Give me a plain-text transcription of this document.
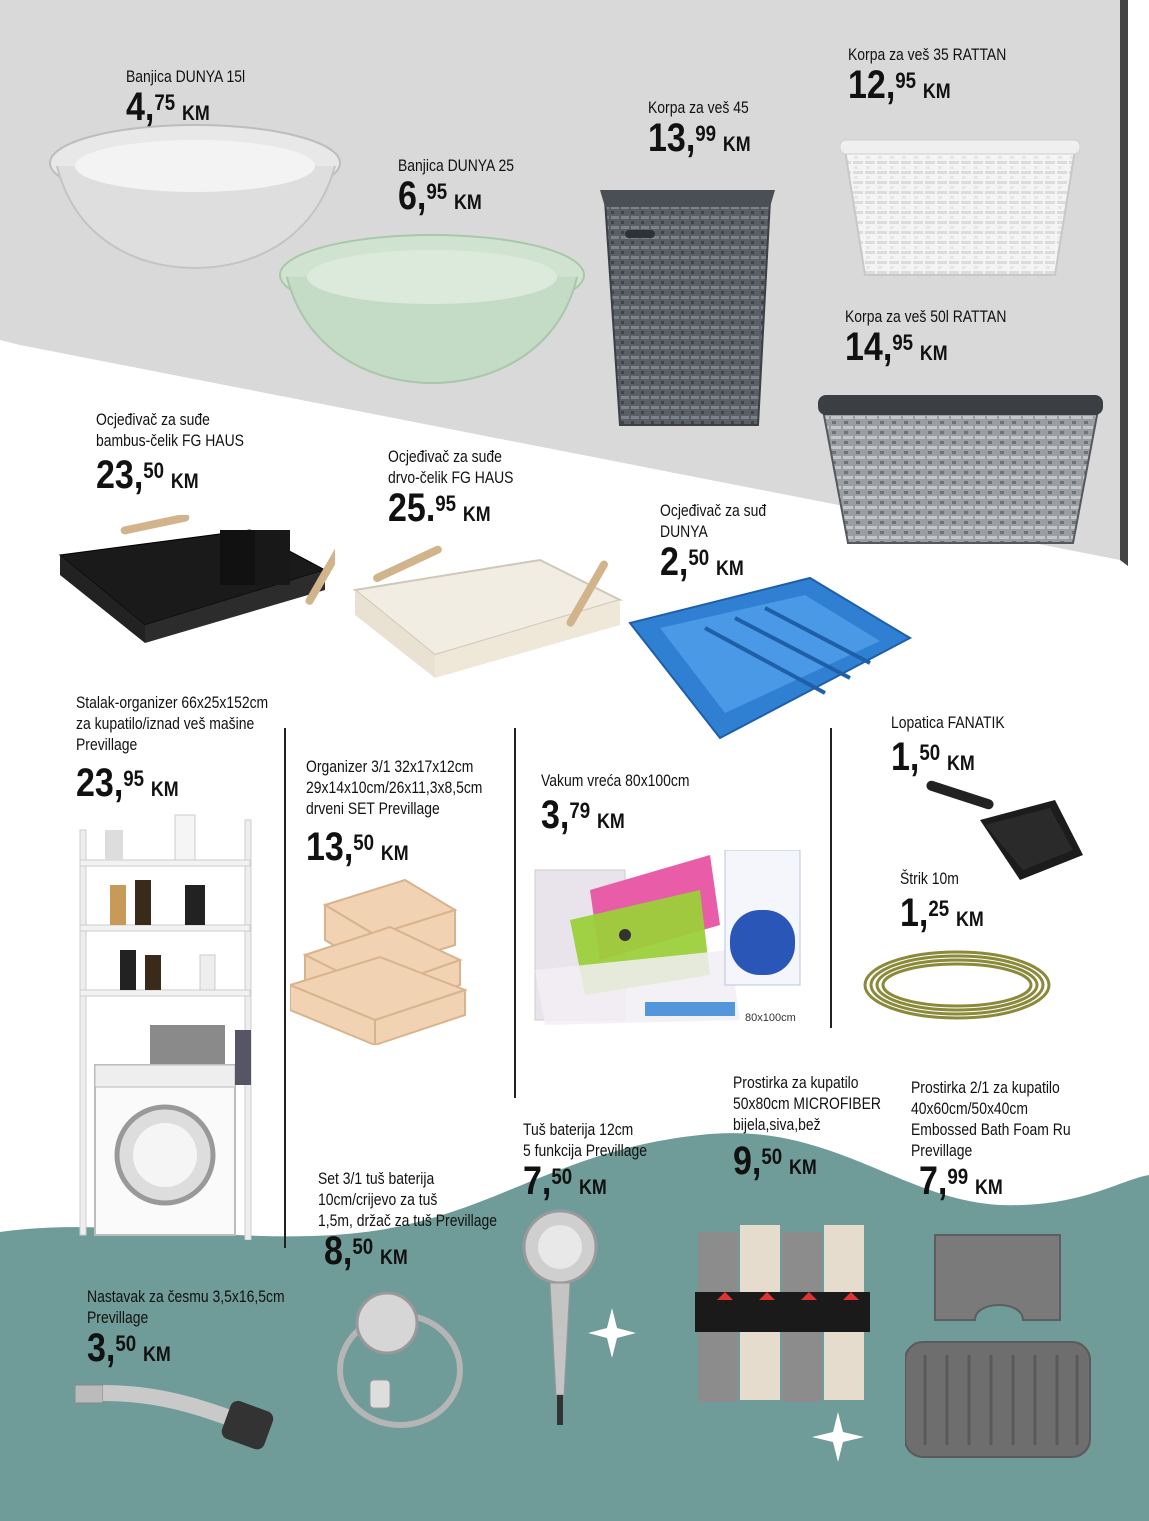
80x100cm
Banjica DUNYA 15l
4,75 KM
Banjica DUNYA 25
6,95 KM
Korpa za veš 45
13,99 KM
Korpa za veš 35 RATTAN
12,95 KM
Korpa za veš 50l RATTAN
14,95 KM
Ocjeđivač za suđe
bambus-čelik FG HAUS
23,50 KM
Ocjeđivač za suđe
drvo-čelik FG HAUS
25.95 KM	Ocjeđivač za suđ
DUNYA
2,50 KM
Stalak-organizer 66x25x152cm
za kupatilo/iznad veš mašine
Previllage
23,95 KM
Organizer 3/1 32x17x12cm
29x14x10cm/26x11,3x8,5cm
drveni SET Previllage
13,50 KM
Vakum vreća 80x100cm
3,79 KM
Lopatica FANATIK
1,50 KM
Štrik 10m
1,25 KM
Prostirka za kupatilo
50x80cm MICROFIBER
bijela,siva,bež
9,50 KM
Prostirka 2/1 za kupatilo
40x60cm/50x40cm
Embossed Bath Foam Ru
Previllage
7,99 KM
Tuš baterija 12cm
5 funkcija Previllage
7,50 KM
Set 3/1 tuš baterija
10cm/crijevo za tuš
1,5m, držač za tuš Previllage
8,50 KM
Nastavak za česmu 3,5x16,5cm
Previllage
3,50 KM
